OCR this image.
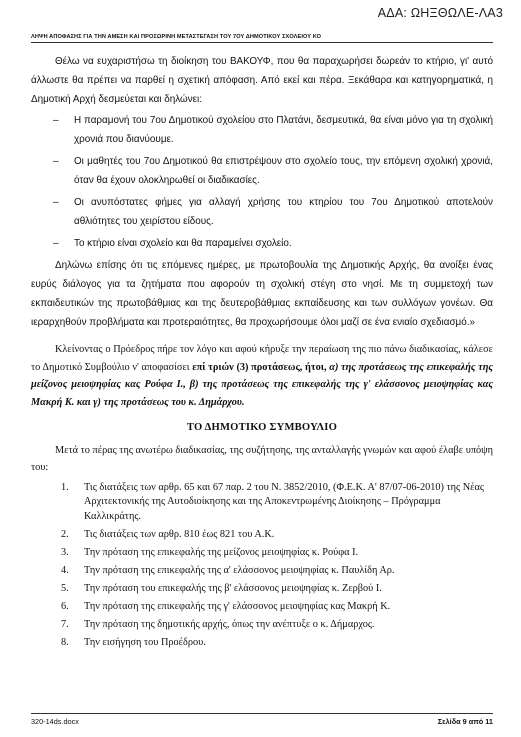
ΑΔΑ: ΩΗΞΘΩΛΕ-ΛΑ3
ΛΗΨΗ ΑΠΟΦΑΣΗΣ ΓΙΑ ΤΗΝ ΑΜΕΣΗ ΚΑΙ ΠΡΟΣΩΡΙΝΗ ΜΕΤΑΣΤΕΓΑΣΗ ΤΟΥ 7ΟΥ ΔΗΜΟΤΙΚΟΥ ΣΧΟΛΕΙΟΥ ΚΟ

Θέλω να ευχαριστήσω τη διοίκηση του ΒΑΚΟΥΦ, που θα παραχωρήσει δωρεάν το κτήριο, γι' αυτό άλλωστε θα πρέπει να παρθεί η σχετική απόφαση. Από εκεί και πέρα. Ξεκάθαρα και κατηγορηματικά, η Δημοτική Αρχή δεσμεύεται και δηλώνει:

– Η παραμονή του 7ου Δημοτικού σχολείου στο Πλατάνι, δεσμευτικά, θα είναι μόνο για τη σχολική χρονιά που διανύουμε.
– Οι μαθητές του 7ου Δημοτικού θα επιστρέψουν στο σχολείο τους, την επόμενη σχολική χρονιά, όταν θα έχουν ολοκληρωθεί οι διαδικασίες.
– Οι ανυπόστατες φήμες για αλλαγή χρήσης του κτηρίου του 7ου Δημοτικού αποτελούν αθλιότητες του χειρίστου είδους.
– Το κτήριο είναι σχολείο και θα παραμείνει σχολείο.

Δηλώνω επίσης ότι τις επόμενες ημέρες, με πρωτοβουλία της Δημοτικής Αρχής, θα ανοίξει ένας ευρύς διάλογος για τα ζητήματα που αφορούν τη σχολική στέγη στο νησί. Με τη συμμετοχή των εκπαιδευτικών της πρωτοβάθμιας και της δευτεροβάθμιας εκπαίδευσης και των συλλόγων γονέων. Θα ιεραρχηθούν προβλήματα και προτεραιότητες, θα προχωρήσουμε όλοι μαζί σε ένα ενιαίο σχεδιασμό.»

Κλείνοντας ο Πρόεδρος πήρε τον λόγο και αφού κήρυξε την περαίωση της πιο πάνω διαδικασίας, κάλεσε το Δημοτικό Συμβούλιο ν' αποφασίσει επί τριών (3) προτάσεως, ήτοι, α) της προτάσεως της επικεφαλής της μείζονος μειοψηφίας κας Ρούφα Ι., β) της προτάσεως της επικεφαλής της γ' ελάσσονος μειοψηφίας κας Μακρή Κ. και γ) της προτάσεως του κ. Δημάρχου.

ΤΟ ΔΗΜΟΤΙΚΟ ΣΥΜΒΟΥΛΙΟ

Μετά το πέρας της ανωτέρω διαδικασίας, της συζήτησης, της ανταλλαγής γνωμών και αφού έλαβε υπόψη του:

1. Τις διατάξεις των αρθρ. 65 και 67 παρ. 2 του Ν. 3852/2010, (Φ.Ε.Κ. Α' 87/07-06-2010) της Νέας Αρχιτεκτονικής της Αυτοδιοίκησης και της Αποκεντρωμένης Διοίκησης – Πρόγραμμα Καλλικράτης.
2. Τις διατάξεις των αρθρ. 810 έως 821 του Α.Κ.
3. Την πρόταση της επικεφαλής της μείζονος μειοψηφίας κ. Ρούφα Ι.
4. Την πρόταση της επικεφαλής της α' ελάσσονος μειοψηφίας κ. Παυλίδη Αρ.
5. Την πρόταση του επικεφαλής της β' ελάσσονος μειοψηφίας κ. Ζερβού Ι.
6. Την πρόταση της επικεφαλής της γ' ελάσσονος μειοψηφίας κας Μακρή Κ.
7. Την πρόταση της δημοτικής αρχής, όπως την ανέπτυξε ο κ. Δήμαρχος.
8. Την εισήγηση του Προέδρου.
320-14ds.docx	Σελίδα 9 από 11
